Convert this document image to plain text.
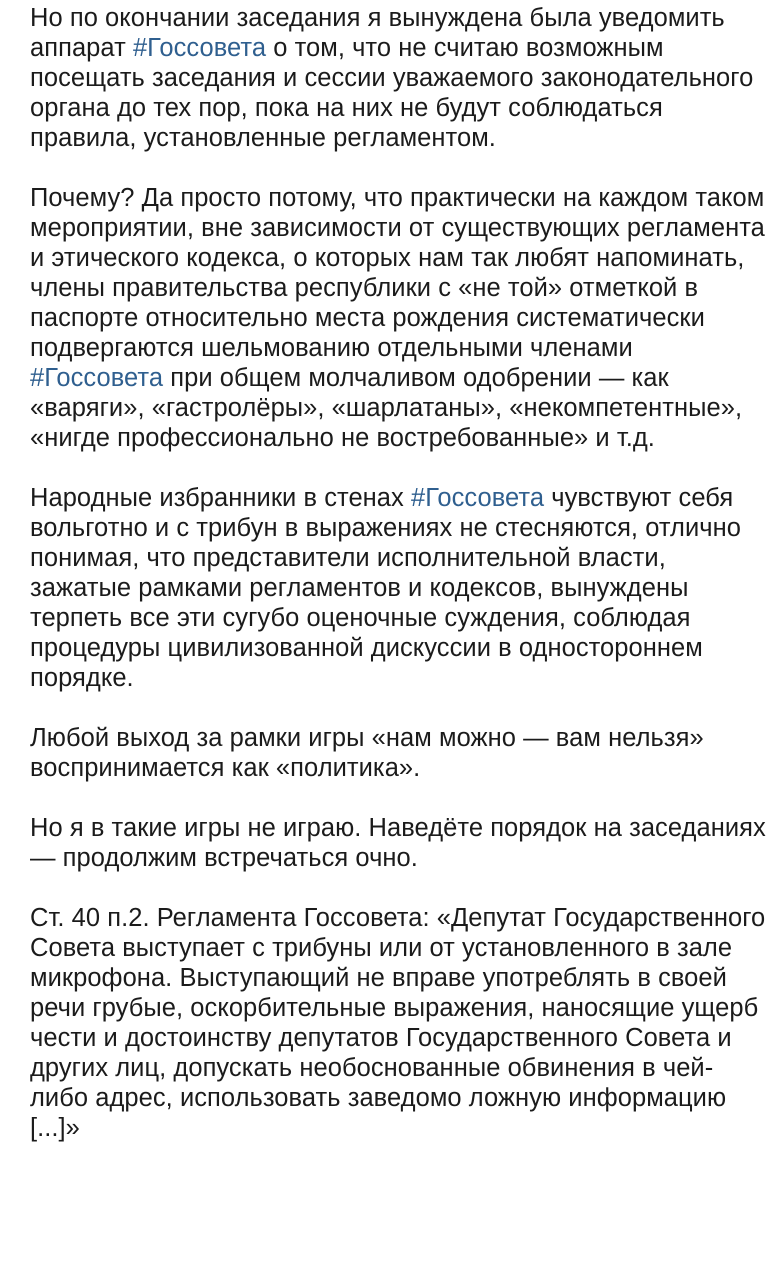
Но по окончании заседания я вынуждена была уведомить аппарат #Госсовета о том, что не считаю возможным посещать заседания и сессии уважаемого законодательного органа до тех пор, пока на них не будут соблюдаться правила, установленные регламентом.

Почему? Да просто потому, что практически на каждом таком мероприятии, вне зависимости от существующих регламента и этического кодекса, о которых нам так любят напоминать, члены правительства республики с «не той» отметкой в паспорте относительно места рождения систематически подвергаются шельмованию отдельными членами #Госсовета при общем молчаливом одобрении — как «варяги», «гастролёры», «шарлатаны», «некомпетентные», «нигде профессионально не востребованные» и т.д.

Народные избранники в стенах #Госсовета чувствуют себя вольготно и с трибун в выражениях не стесняются, отлично понимая, что представители исполнительной власти, зажатые рамками регламентов и кодексов, вынуждены терпеть все эти сугубо оценочные суждения, соблюдая процедуры цивилизованной дискуссии в одностороннем порядке.

Любой выход за рамки игры «нам можно — вам нельзя» воспринимается как «политика».

Но я в такие игры не играю. Наведёте порядок на заседаниях — продолжим встречаться очно.

Ст. 40 п.2. Регламента Госсовета: «Депутат Государственного Совета выступает с трибуны или от установленного в зале микрофона. Выступающий не вправе употреблять в своей речи грубые, оскорбительные выражения, наносящие ущерб чести и достоинству депутатов Государственного Совета и других лиц, допускать необоснованные обвинения в чей-либо адрес, использовать заведомо ложную информацию [...]»
